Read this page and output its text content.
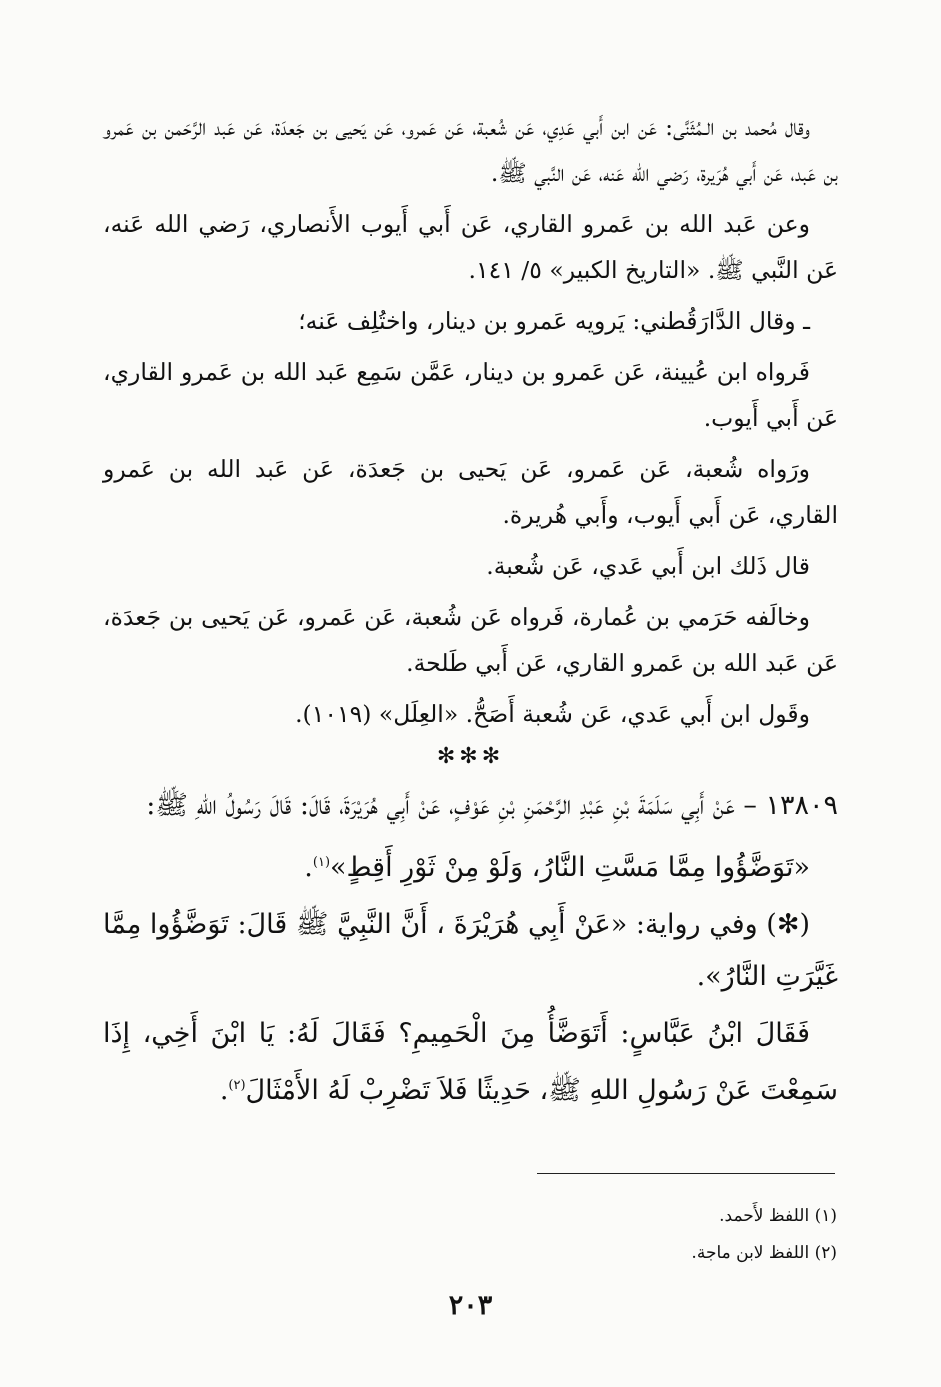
وقال مُحمد بن الـمُثَنَّى: عَن ابن أَبي عَدِي، عَن شُعبة، عَن عَمرو، عَن يَحيى بن جَعدَة، عَن عَبد الرَّحَمن بن عَمرو بن عَبد، عَن أَبي هُرَيرة، رَضي الله عَنه، عَن النَّبي ﷺ.

وعن عَبد الله بن عَمرو القاري، عَن أَبي أَيوب الأَنصاري، رَضي الله عَنه، عَن النَّبي ﷺ. «التاريخ الكبير» ٥/ ١٤١.

ـ وقال الدَّارَقُطني: يَرويه عَمرو بن دينار، واختُلِف عَنه؛

فَرواه ابن عُيينة، عَن عَمرو بن دينار، عَمَّن سَمِع عَبد الله بن عَمرو القاري، عَن أَبي أَيوب.

ورَواه شُعبة، عَن عَمرو، عَن يَحيى بن جَعدَة، عَن عَبد الله بن عَمرو القاري، عَن أَبي أَيوب، وأَبي هُريرة.

قال ذَلك ابن أَبي عَدي، عَن شُعبة.

وخالَفه حَرَمي بن عُمارة، فَرواه عَن شُعبة، عَن عَمرو، عَن يَحيى بن جَعدَة، عَن عَبد الله بن عَمرو القاري، عَن أَبي طَلحة.

وقَول ابن أَبي عَدي، عَن شُعبة أَصَحُّ. «العِلَل» (١٠١٩).

✻✻✻

١٣٨٠٩ – عَنْ أَبِي سَلَمَةَ بْنِ عَبْدِ الرَّحْمَنِ بْنِ عَوْفٍ، عَنْ أَبِي هُرَيْرَةَ، قَالَ: قَالَ رَسُولُ اللهِ ﷺ:

«تَوَضَّؤُوا مِمَّا مَسَّتِ النَّارُ، وَلَوْ مِنْ ثَوْرِ أَقِطٍ»$^{(١)}$.

(✻) وفي رواية: «عَنْ أَبِي هُرَيْرَةَ ، أَنَّ النَّبِيَّ ﷺ قَالَ: تَوَضَّؤُوا مِمَّا غَيَّرَتِ النَّارُ».

فَقَالَ ابْنُ عَبَّاسٍ: أَتَوَضَّأُ مِنَ الْحَمِيمِ؟ فَقَالَ لَهُ: يَا ابْنَ أَخِي، إِذَا سَمِعْتَ عَنْ رَسُولِ اللهِ ﷺ، حَدِيثًا فَلاَ تَضْرِبْ لَهُ الأَمْثَالَ$^{(٢)}$.

(١) اللفظ لأَحمد.

(٢) اللفظ لابن ماجة.

٢٠٣
